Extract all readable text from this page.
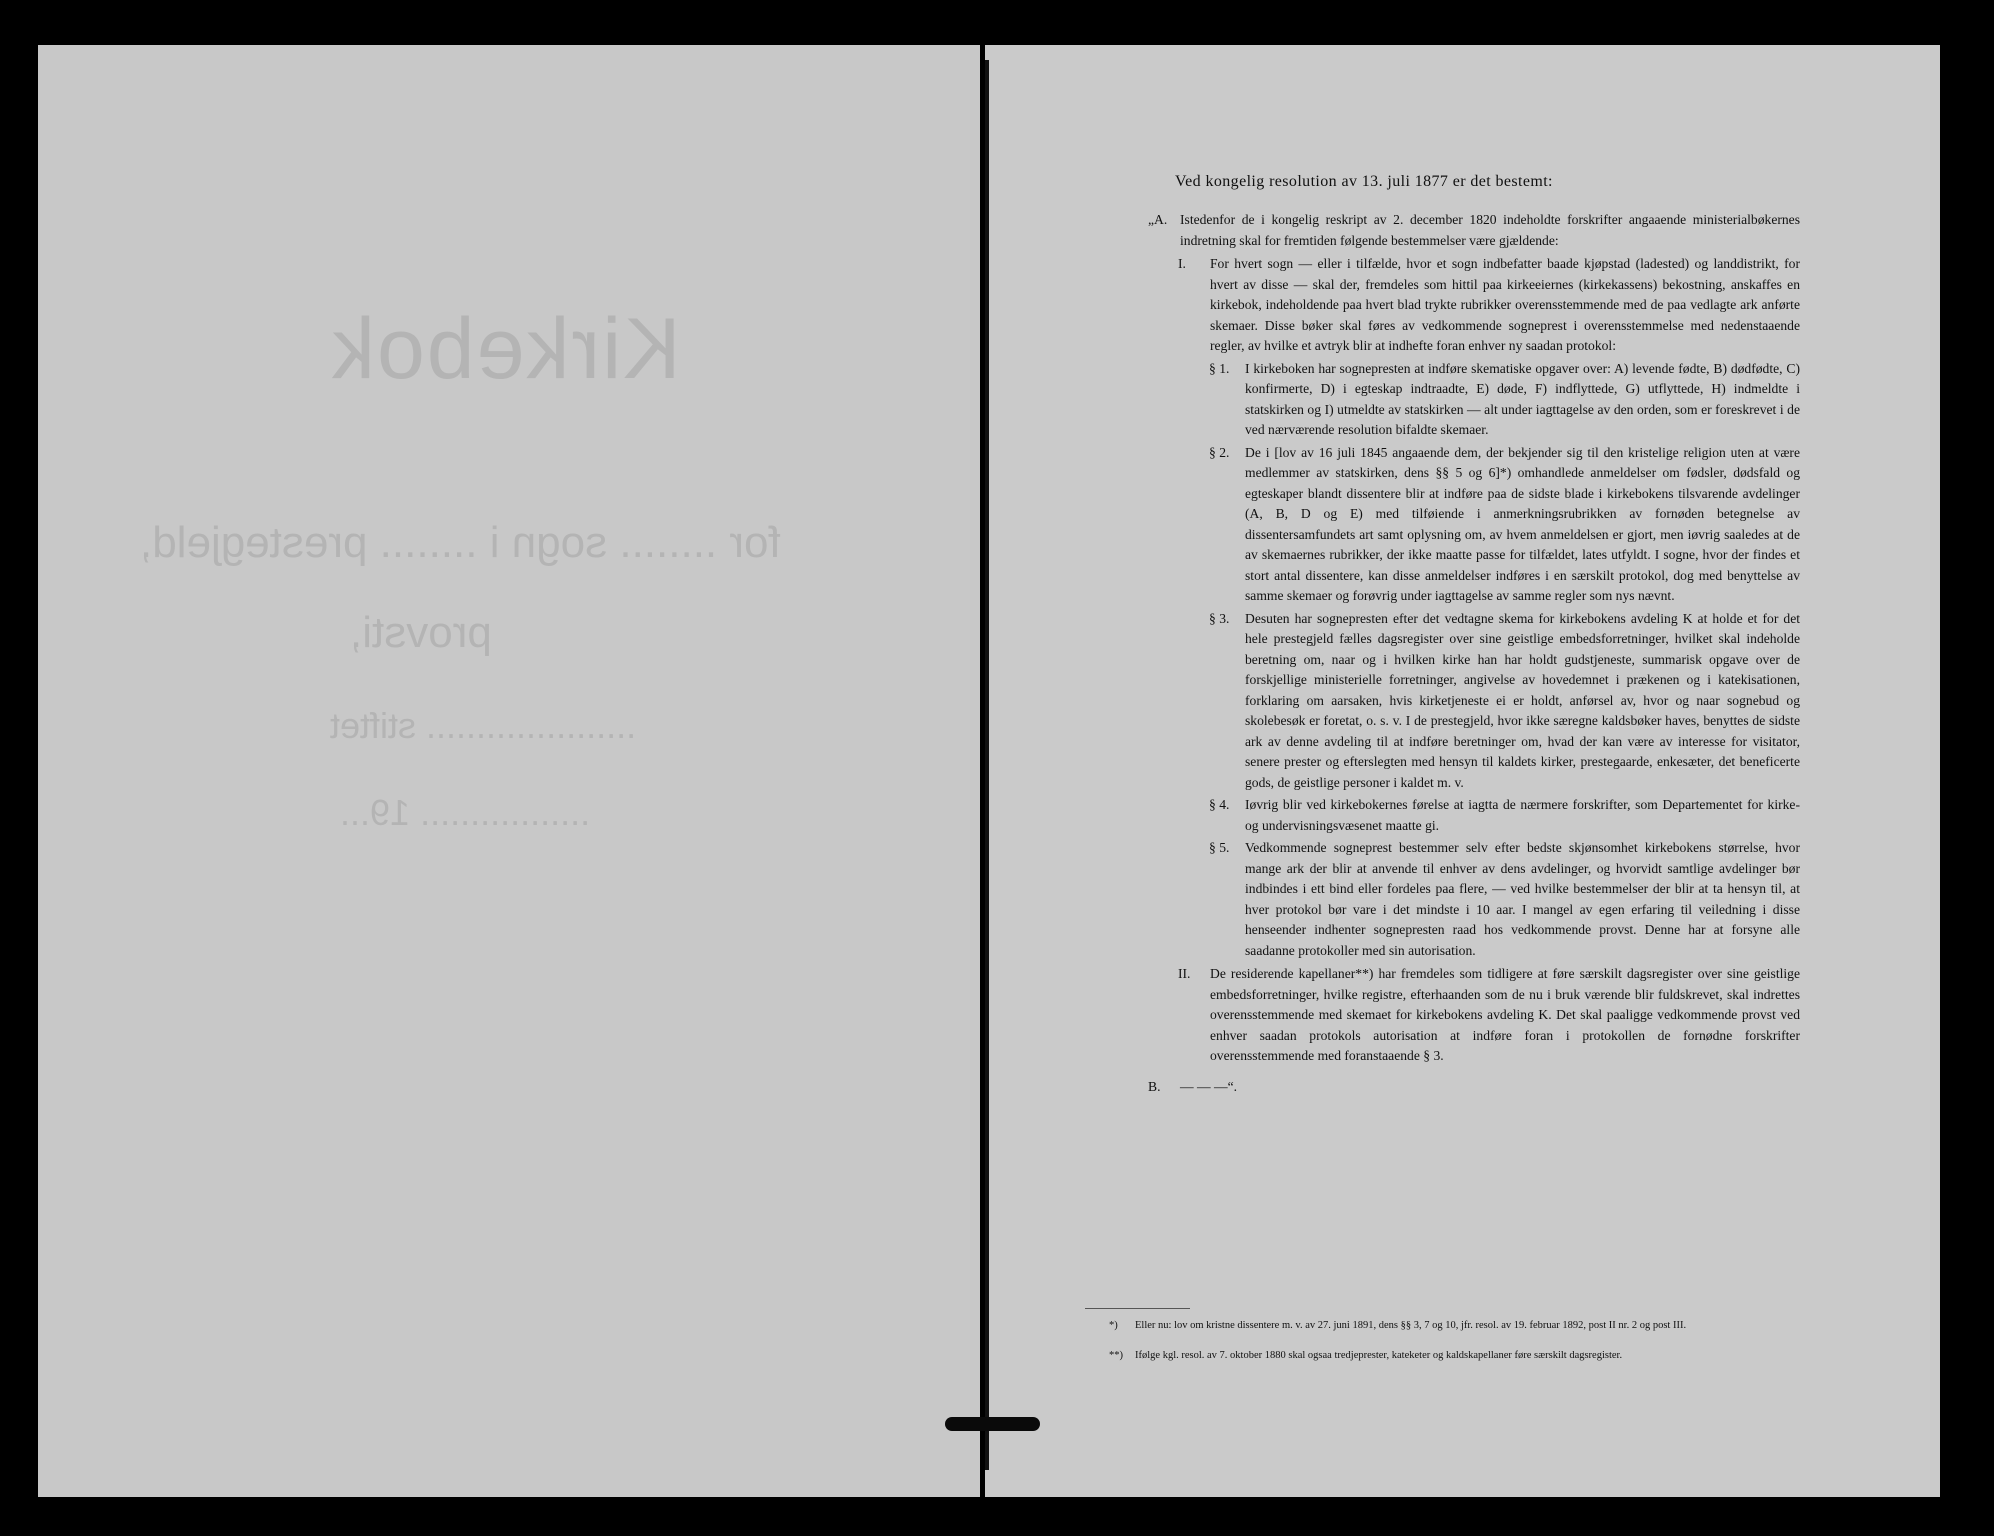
Kirkebok
for ........ sogn i ........ prestegjeld,
provsti,
..................... stiftet
................. 19...
Ved kongelig resolution av 13. juli 1877 er det bestemt:
„A. Istedenfor de i kongelig reskript av 2. december 1820 indeholdte forskrifter angaaende ministerialbøkernes indretning skal for fremtiden følgende bestemmelser være gjældende:
I. For hvert sogn — eller i tilfælde, hvor et sogn indbefatter baade kjøpstad (ladested) og landdistrikt, for hvert av disse — skal der, fremdeles som hittil paa kirkeeiernes (kirkekassens) bekostning, anskaffes en kirkebok, indeholdende paa hvert blad trykte rubrikker overensstemmende med de paa vedlagte ark anførte skemaer. Disse bøker skal føres av vedkommende sogneprest i overensstemmelse med nedenstaaende regler, av hvilke et avtryk blir at indhefte foran enhver ny saadan protokol:
§ 1. I kirkeboken har sognepresten at indføre skematiske opgaver over: A) levende fødte, B) dødfødte, C) konfirmerte, D) i egteskap indtraadte, E) døde, F) indflyttede, G) utflyttede, H) indmeldte i statskirken og I) utmeldte av statskirken — alt under iagttagelse av den orden, som er foreskrevet i de ved nærværende resolution bifaldte skemaer.
§ 2. De i [lov av 16 juli 1845 angaaende dem, der bekjender sig til den kristelige religion uten at være medlemmer av statskirken, dens §§ 5 og 6]*) omhandlede anmeldelser om fødsler, dødsfald og egteskaper blandt dissentere blir at indføre paa de sidste blade i kirkebokens tilsvarende avdelinger (A, B, D og E) med tilføiende i anmerkningsrubrikken av fornøden betegnelse av dissentersamfundets art samt oplysning om, av hvem anmeldelsen er gjort, men iøvrig saaledes at de av skemaernes rubrikker, der ikke maatte passe for tilfældet, lates utfyldt. I sogne, hvor der findes et stort antal dissentere, kan disse anmeldelser indføres i en særskilt protokol, dog med benyttelse av samme skemaer og forøvrig under iagttagelse av samme regler som nys nævnt.
§ 3. Desuten har sognepresten efter det vedtagne skema for kirkebokens avdeling K at holde et for det hele prestegjeld fælles dagsregister over sine geistlige embedsforretninger, hvilket skal indeholde beretning om, naar og i hvilken kirke han har holdt gudstjeneste, summarisk opgave over de forskjellige ministerielle forretninger, angivelse av hovedemnet i prækenen og i katekisationen, forklaring om aarsaken, hvis kirketjeneste ei er holdt, anførsel av, hvor og naar sognebud og skolebesøk er foretat, o. s. v. I de prestegjeld, hvor ikke særegne kaldsbøker haves, benyttes de sidste ark av denne avdeling til at indføre beretninger om, hvad der kan være av interesse for visitator, senere prester og efterslegten med hensyn til kaldets kirker, prestegaarde, enkesæter, det beneficerte gods, de geistlige personer i kaldet m. v.
§ 4. Iøvrig blir ved kirkebokernes førelse at iagtta de nærmere forskrifter, som Departementet for kirke- og undervisningsvæsenet maatte gi.
§ 5. Vedkommende sogneprest bestemmer selv efter bedste skjønsomhet kirkebokens størrelse, hvor mange ark der blir at anvende til enhver av dens avdelinger, og hvorvidt samtlige avdelinger bør indbindes i ett bind eller fordeles paa flere, — ved hvilke bestemmelser der blir at ta hensyn til, at hver protokol bør vare i det mindste i 10 aar. I mangel av egen erfaring til veiledning i disse henseender indhenter sognepresten raad hos vedkommende provst. Denne har at forsyne alle saadanne protokoller med sin autorisation.
II. De residerende kapellaner**) har fremdeles som tidligere at føre særskilt dagsregister over sine geistlige embedsforretninger, hvilke registre, efterhaanden som de nu i bruk værende blir fuldskrevet, skal indrettes overensstemmende med skemaet for kirkebokens avdeling K. Det skal paaligge vedkommende provst ved enhver saadan protokols autorisation at indføre foran i protokollen de fornødne forskrifter overensstemmende med foranstaaende § 3.
B. — — —“.
*) Eller nu: lov om kristne dissentere m. v. av 27. juni 1891, dens §§ 3, 7 og 10, jfr. resol. av 19. februar 1892, post II nr. 2 og post III.
**) Ifølge kgl. resol. av 7. oktober 1880 skal ogsaa tredjeprester, kateketer og kaldskapellaner føre særskilt dagsregister.
